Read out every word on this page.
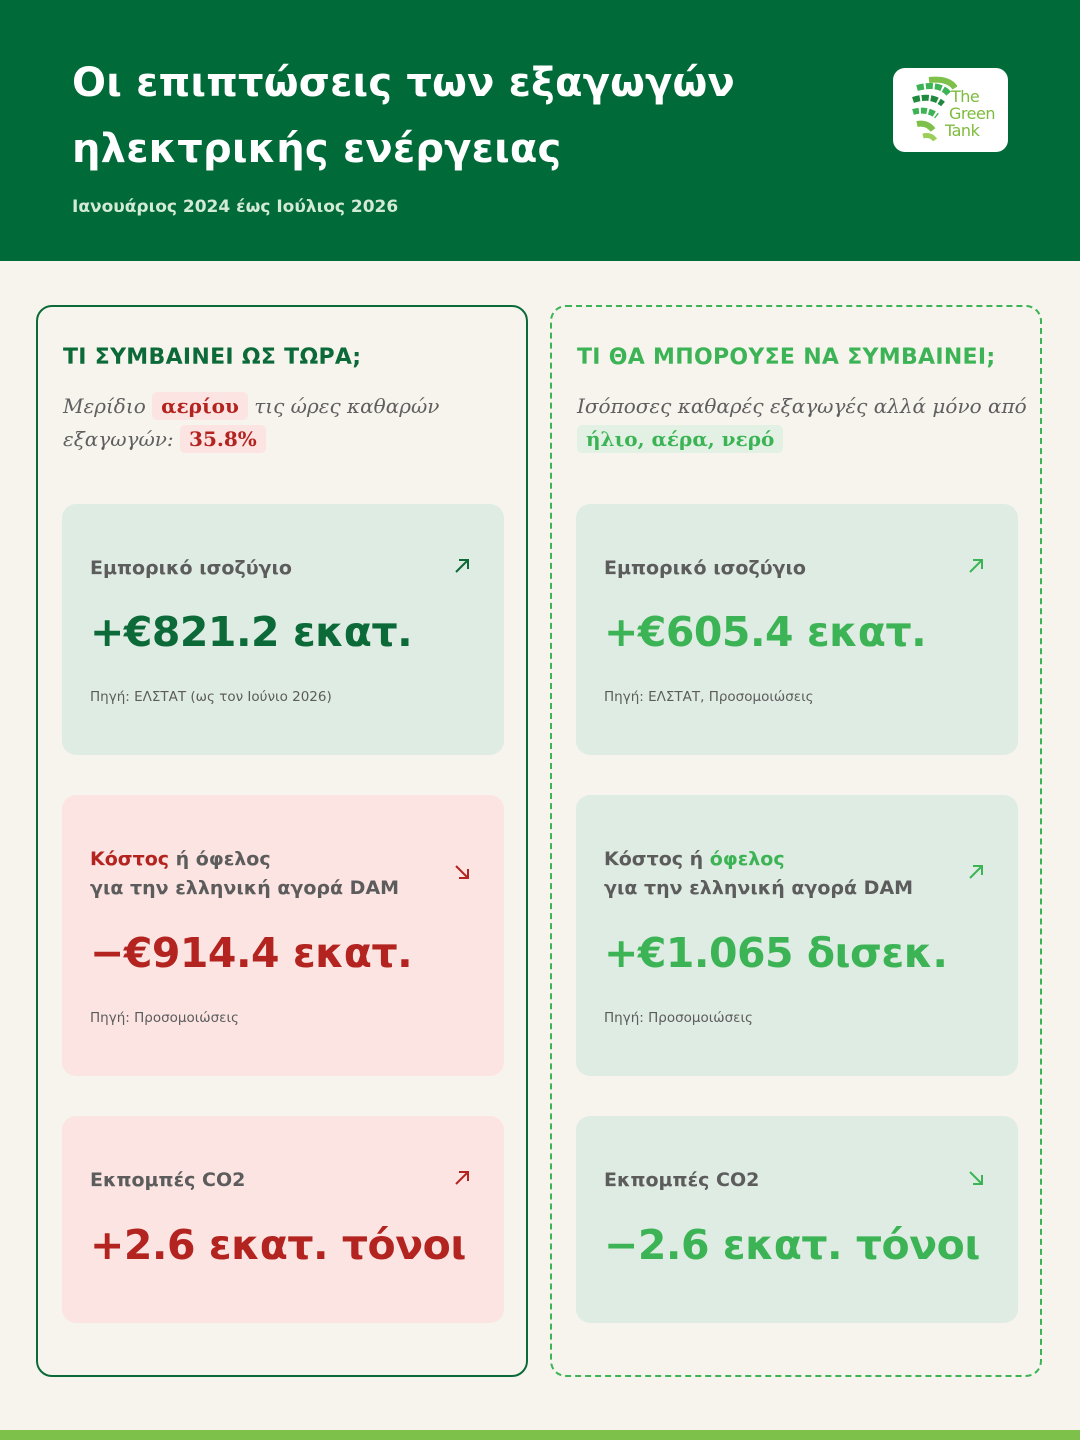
Οι επιπτώσεις των εξαγωγών
ηλεκτρικής ενέργειας
Ιανουάριος 2024 έως Ιούλιος 2026
The
Green
Tank
ΤΙ ΣΥΜΒΑΙΝΕΙ ΩΣ ΤΩΡΑ;

Μερίδιο αερίου τις ώρες καθαρών εξαγωγών: 35.8%

Εμπορικό ισοζύγιο
+€821.2 εκατ.
Πηγή: ΕΛΣΤΑΤ (ως τον Ιούνιο 2026)
Κόστος ή όφελος
για την ελληνική αγορά DAM
−€914.4 εκατ.
Πηγή: Προσομοιώσεις
Εκπομπές CO2
+2.6 εκατ. τόνοι
ΤΙ ΘΑ ΜΠΟΡΟΥΣΕ ΝΑ ΣΥΜΒΑΙΝΕΙ;

Ισόποσες καθαρές εξαγωγές αλλά μόνο από ήλιο, αέρα, νερό

Εμπορικό ισοζύγιο
+€605.4 εκατ.
Πηγή: ΕΛΣΤΑΤ, Προσομοιώσεις
Κόστος ή όφελος
για την ελληνική αγορά DAM
+€1.065 δισεκ.
Πηγή: Προσομοιώσεις
Εκπομπές CO2
−2.6 εκατ. τόνοι
